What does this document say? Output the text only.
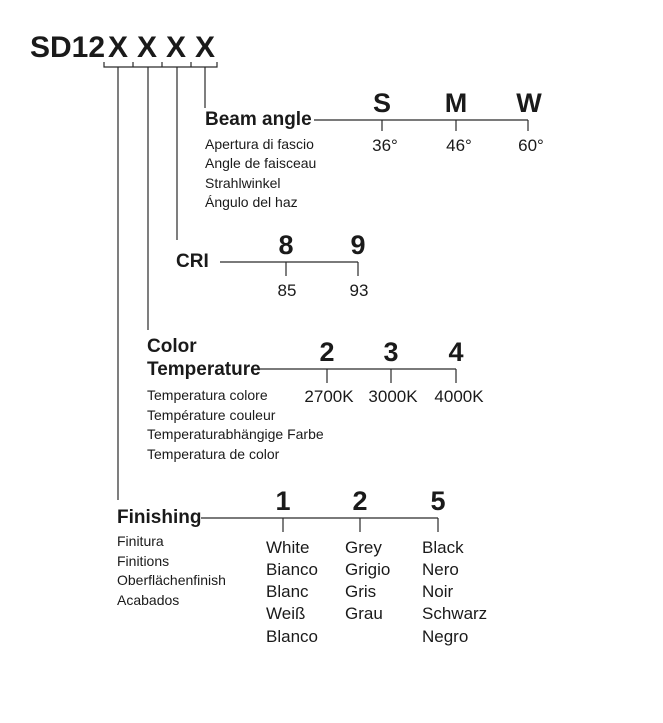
SD12 X X X X
Beam angle
Apertura di fascio
Angle de faisceau
Strahlwinkel
Ángulo del haz
S
36°
M
46°
W
60°
CRI
8
85
9
93
Color
Temperature
Temperatura colore
Température couleur
Temperaturabhängige Farbe
Temperatura de color
2
2700K
3
3000K
4
4000K
Finishing
Finitura
Finitions
Oberflächenfinish
Acabados
1
White
Bianco
Blanc
Weiß
Blanco
2
Grey
Grigio
Gris
Grau
5
Black
Nero
Noir
Schwarz
Negro
